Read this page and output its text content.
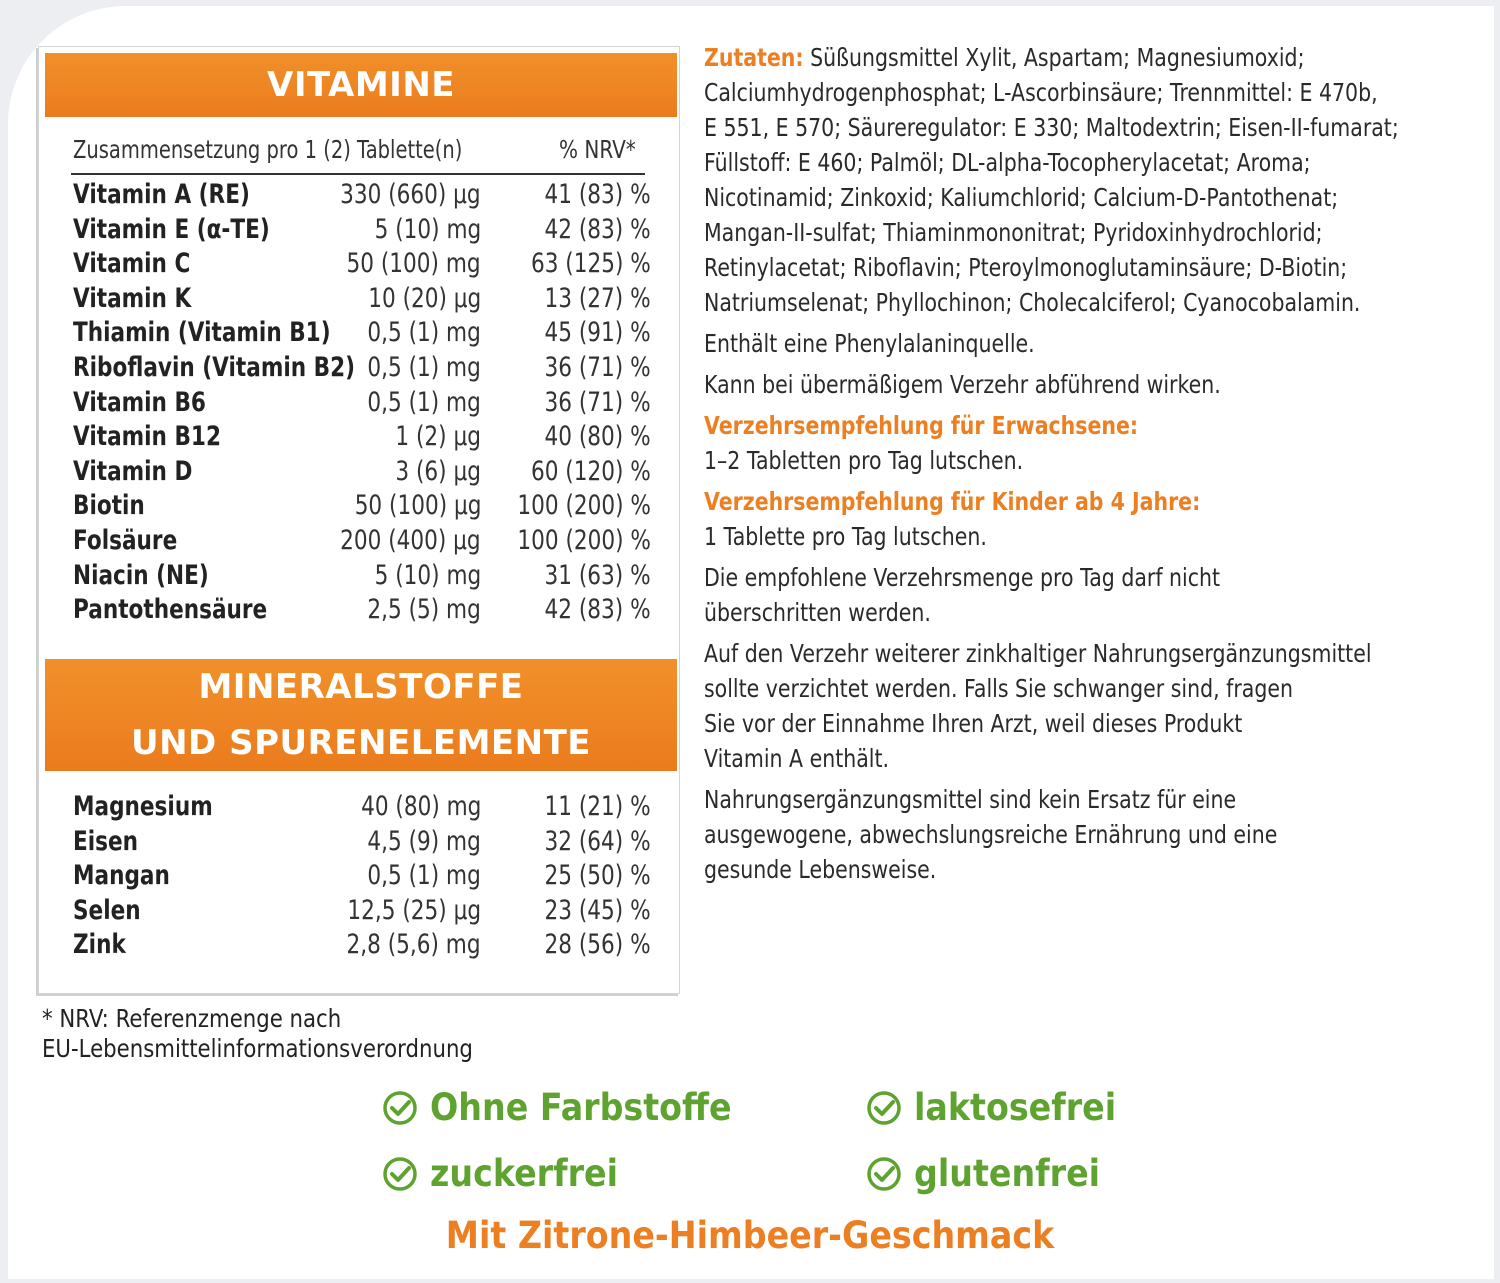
VITAMINE
Zusammensetzung pro 1 (2) Tablette(n)	% NRV*
Vitamin A (RE)	330 (660) µg 41 (83) %
Vitamin E (α-TE)	5 (10) mg 42 (83) %
Vitamin C	50 (100) mg 63 (125) %
Vitamin K	10 (20) µg 13 (27) %
Thiamin (Vitamin B1) 0,5 (1) mg 45 (91) %
Riboflavin (Vitamin B2) 0,5 (1) mg 36 (71) %
Vitamin B6	0,5 (1) mg 36 (71) %
Vitamin B12	1 (2) µg 40 (80) %
Vitamin D	3 (6) µg 60 (120) %
Biotin	50 (100) µg 100 (200) %
Folsäure	200 (400) µg 100 (200) %
Niacin (NE)	5 (10) mg 31 (63) %
Pantothensäure	2,5 (5) mg 42 (83) %
MINERALSTOFFE
UND SPURENELEMENTE
Magnesium	40 (80) mg 11 (21) %
Eisen	4,5 (9) mg 32 (64) %
Mangan	0,5 (1) mg 25 (50) %
Selen	12,5 (25) µg 23 (45) %
Zink	2,8 (5,6) mg 28 (56) %
* NRV: Referenzmenge nach
EU-Lebensmittelinformationsverordnung
Zutaten: Süßungsmittel Xylit, Aspartam; Magnesiumoxid;
Calciumhydrogenphosphat; L-Ascorbinsäure; Trennmittel: E 470b,
E 551, E 570; Säureregulator: E 330; Maltodextrin; Eisen-II-fumarat;
Füllstoff: E 460; Palmöl; DL-alpha-Tocopherylacetat; Aroma;
Nicotinamid; Zinkoxid; Kaliumchlorid; Calcium-D-Pantothenat;
Mangan-II-sulfat; Thiaminmononitrat; Pyridoxinhydrochlorid;
Retinylacetat; Riboflavin; Pteroylmonoglutaminsäure; D-Biotin;
Natriumselenat; Phyllochinon; Cholecalciferol; Cyanocobalamin.
Enthält eine Phenylalaninquelle.
Kann bei übermäßigem Verzehr abführend wirken.
Verzehrsempfehlung für Erwachsene:
1–2 Tabletten pro Tag lutschen.
Verzehrsempfehlung für Kinder ab 4 Jahre:
1 Tablette pro Tag lutschen.
Die empfohlene Verzehrsmenge pro Tag darf nicht
überschritten werden.
Auf den Verzehr weiterer zinkhaltiger Nahrungsergänzungsmittel
sollte verzichtet werden. Falls Sie schwanger sind, fragen
Sie vor der Einnahme Ihren Arzt, weil dieses Produkt
Vitamin A enthält.
Nahrungsergänzungsmittel sind kein Ersatz für eine
ausgewogene, abwechslungsreiche Ernährung und eine
gesunde Lebensweise.
Ohne Farbstoffe	laktosefrei
zuckerfrei	glutenfrei
Mit Zitrone-Himbeer-Geschmack
